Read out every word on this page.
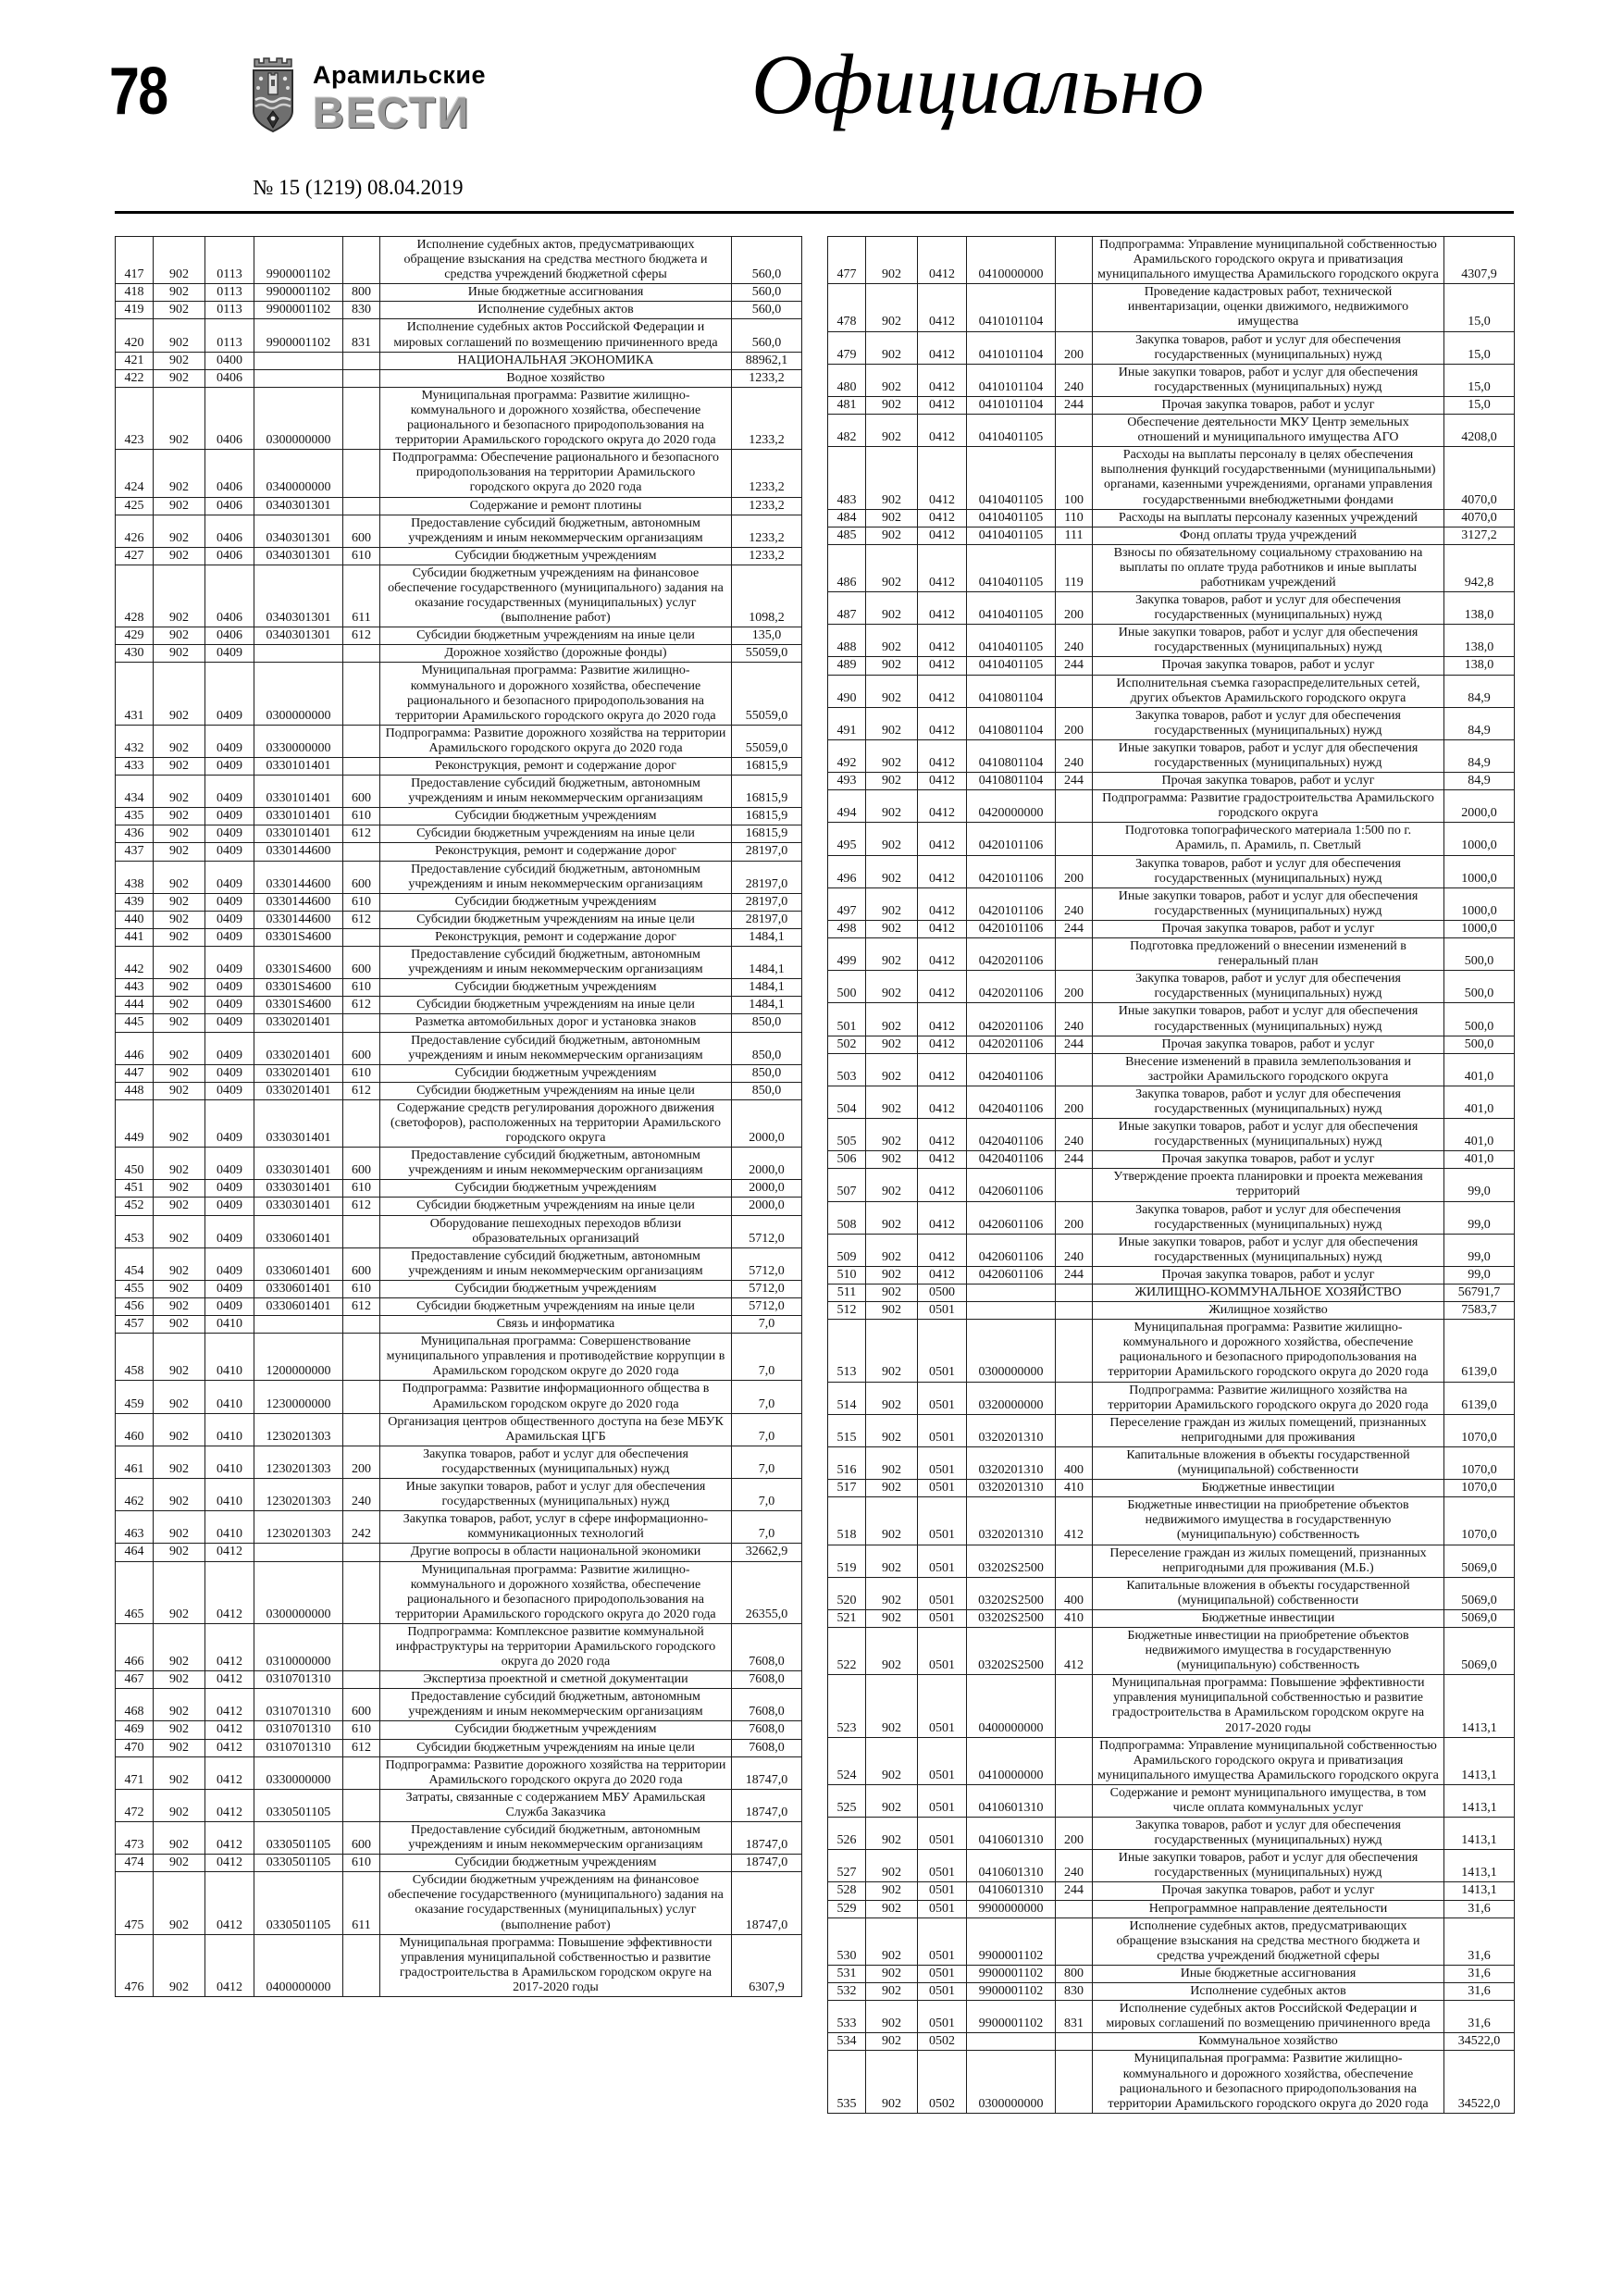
78	Арамильские
ВЕСТИ
№ 15 (1219) 08.04.2019
Официально
417	902	0113	9900001102		Исполнение судебных актов, предусматривающих обращение взыскания на средства местного бюджета и средства учреждений бюджетной сферы	560,0
418	902	0113	9900001102	800	Иные бюджетные ассигнования	560,0
419	902	0113	9900001102	830	Исполнение судебных актов	560,0
420	902	0113	9900001102	831	Исполнение судебных актов Российской Федерации и мировых соглашений по возмещению причиненного вреда	560,0
421	902	0400			НАЦИОНАЛЬНАЯ ЭКОНОМИКА	88962,1
422	902	0406			Водное хозяйство	1233,2
423	902	0406	0300000000		Муниципальная программа: Развитие жилищно-коммунального и дорожного хозяйства, обеспечение рационального и безопасного природопользования на территории Арамильского городского округа до 2020 года	1233,2
424	902	0406	0340000000		Подпрограмма: Обеспечение рационального и безопасного природопользования на территории Арамильского городского округа до 2020 года	1233,2
425	902	0406	0340301301		Содержание и ремонт плотины	1233,2
426	902	0406	0340301301	600	Предоставление субсидий бюджетным, автономным учреждениям и иным некоммерческим организациям	1233,2
427	902	0406	0340301301	610	Субсидии бюджетным учреждениям	1233,2
428	902	0406	0340301301	611	Субсидии бюджетным учреждениям на финансовое обеспечение государственного (муниципального) задания на оказание государственных (муниципальных) услуг (выполнение работ)	1098,2
429	902	0406	0340301301	612	Субсидии бюджетным учреждениям на иные цели	135,0
430	902	0409			Дорожное хозяйство (дорожные фонды)	55059,0
431	902	0409	0300000000		Муниципальная программа: Развитие жилищно-коммунального и дорожного хозяйства, обеспечение рационального и безопасного природопользования на территории Арамильского городского округа до 2020 года	55059,0
432	902	0409	0330000000		Подпрограмма: Развитие дорожного хозяйства на территории Арамильского городского округа до 2020 года	55059,0
433	902	0409	0330101401		Реконструкция, ремонт и содержание дорог	16815,9
434	902	0409	0330101401	600	Предоставление субсидий бюджетным, автономным учреждениям и иным некоммерческим организациям	16815,9
435	902	0409	0330101401	610	Субсидии бюджетным учреждениям	16815,9
436	902	0409	0330101401	612	Субсидии бюджетным учреждениям на иные цели	16815,9
437	902	0409	0330144600		Реконструкция, ремонт и содержание дорог	28197,0
438	902	0409	0330144600	600	Предоставление субсидий бюджетным, автономным учреждениям и иным некоммерческим организациям	28197,0
439	902	0409	0330144600	610	Субсидии бюджетным учреждениям	28197,0
440	902	0409	0330144600	612	Субсидии бюджетным учреждениям на иные цели	28197,0
441	902	0409	03301S4600		Реконструкция, ремонт и содержание дорог	1484,1
442	902	0409	03301S4600	600	Предоставление субсидий бюджетным, автономным учреждениям и иным некоммерческим организациям	1484,1
443	902	0409	03301S4600	610	Субсидии бюджетным учреждениям	1484,1
444	902	0409	03301S4600	612	Субсидии бюджетным учреждениям на иные цели	1484,1
445	902	0409	0330201401		Разметка автомобильных дорог и установка знаков	850,0
446	902	0409	0330201401	600	Предоставление субсидий бюджетным, автономным учреждениям и иным некоммерческим организациям	850,0
447	902	0409	0330201401	610	Субсидии бюджетным учреждениям	850,0
448	902	0409	0330201401	612	Субсидии бюджетным учреждениям на иные цели	850,0
449	902	0409	0330301401		Содержание средств регулирования дорожного движения (светофоров), расположенных на территории Арамильского городского округа	2000,0
450	902	0409	0330301401	600	Предоставление субсидий бюджетным, автономным учреждениям и иным некоммерческим организациям	2000,0
451	902	0409	0330301401	610	Субсидии бюджетным учреждениям	2000,0
452	902	0409	0330301401	612	Субсидии бюджетным учреждениям на иные цели	2000,0
453	902	0409	0330601401		Оборудование пешеходных переходов вблизи образовательных организаций	5712,0
454	902	0409	0330601401	600	Предоставление субсидий бюджетным, автономным учреждениям и иным некоммерческим организациям	5712,0
455	902	0409	0330601401	610	Субсидии бюджетным учреждениям	5712,0
456	902	0409	0330601401	612	Субсидии бюджетным учреждениям на иные цели	5712,0
457	902	0410			Связь и информатика	7,0
458	902	0410	1200000000		Муниципальная программа: Совершенствование муниципального управления и противодействие коррупции в Арамильском городском округе до 2020 года	7,0
459	902	0410	1230000000		Подпрограмма: Развитие информационного общества в Арамильском городском округе до 2020 года	7,0
460	902	0410	1230201303		Организация центров общественного доступа на безе МБУК Арамильская ЦГБ	7,0
461	902	0410	1230201303	200	Закупка товаров, работ и услуг для обеспечения государственных (муниципальных) нужд	7,0
462	902	0410	1230201303	240	Иные закупки товаров, работ и услуг для обеспечения государственных (муниципальных) нужд	7,0
463	902	0410	1230201303	242	Закупка товаров, работ, услуг в сфере информационно-коммуникационных технологий	7,0
464	902	0412			Другие вопросы в области национальной экономики	32662,9
465	902	0412	0300000000		Муниципальная программа: Развитие жилищно-коммунального и дорожного хозяйства, обеспечение рационального и безопасного природопользования на территории Арамильского городского округа до 2020 года	26355,0
466	902	0412	0310000000		Подпрограмма: Комплексное развитие коммунальной инфраструктуры на территории Арамильского городского округа до 2020 года	7608,0
467	902	0412	0310701310		Экспертиза проектной и сметной документации	7608,0
468	902	0412	0310701310	600	Предоставление субсидий бюджетным, автономным учреждениям и иным некоммерческим организациям	7608,0
469	902	0412	0310701310	610	Субсидии бюджетным учреждениям	7608,0
470	902	0412	0310701310	612	Субсидии бюджетным учреждениям на иные цели	7608,0
471	902	0412	0330000000		Подпрограмма: Развитие дорожного хозяйства на территории Арамильского городского округа до 2020 года	18747,0
472	902	0412	0330501105		Затраты, связанные с содержанием МБУ Арамильская Служба Заказчика	18747,0
473	902	0412	0330501105	600	Предоставление субсидий бюджетным, автономным учреждениям и иным некоммерческим организациям	18747,0
474	902	0412	0330501105	610	Субсидии бюджетным учреждениям	18747,0
475	902	0412	0330501105	611	Субсидии бюджетным учреждениям на финансовое обеспечение государственного (муниципального) задания на оказание государственных (муниципальных) услуг (выполнение работ)	18747,0
476	902	0412	0400000000		Муниципальная программа: Повышение эффективности управления муниципальной собственностью и развитие градостроительства в Арамильском городском округе на 2017-2020 годы	6307,9
477	902	0412	0410000000		Подпрограмма: Управление муниципальной собственностью Арамильского городского округа и приватизация муниципального имущества Арамильского городского округа	4307,9
478	902	0412	0410101104		Проведение кадастровых работ, технической инвентаризации, оценки движимого, недвижимого имущества	15,0
479	902	0412	0410101104	200	Закупка товаров, работ и услуг для обеспечения государственных (муниципальных) нужд	15,0
480	902	0412	0410101104	240	Иные закупки товаров, работ и услуг для обеспечения государственных (муниципальных) нужд	15,0
481	902	0412	0410101104	244	Прочая закупка товаров, работ и услуг	15,0
482	902	0412	0410401105		Обеспечение деятельности МКУ Центр земельных отношений и муниципального имущества АГО	4208,0
483	902	0412	0410401105	100	Расходы на выплаты персоналу в целях обеспечения выполнения функций государственными (муниципальными) органами, казенными учреждениями, органами управления государственными внебюджетными фондами	4070,0
484	902	0412	0410401105	110	Расходы на выплаты персоналу казенных учреждений	4070,0
485	902	0412	0410401105	111	Фонд оплаты труда учреждений	3127,2
486	902	0412	0410401105	119	Взносы по обязательному социальному страхованию на выплаты по оплате труда работников и иные выплаты работникам учреждений	942,8
487	902	0412	0410401105	200	Закупка товаров, работ и услуг для обеспечения государственных (муниципальных) нужд	138,0
488	902	0412	0410401105	240	Иные закупки товаров, работ и услуг для обеспечения государственных (муниципальных) нужд	138,0
489	902	0412	0410401105	244	Прочая закупка товаров, работ и услуг	138,0
490	902	0412	0410801104		Исполнительная съемка газораспределительных сетей, других объектов Арамильского городского округа	84,9
491	902	0412	0410801104	200	Закупка товаров, работ и услуг для обеспечения государственных (муниципальных) нужд	84,9
492	902	0412	0410801104	240	Иные закупки товаров, работ и услуг для обеспечения государственных (муниципальных) нужд	84,9
493	902	0412	0410801104	244	Прочая закупка товаров, работ и услуг	84,9
494	902	0412	0420000000		Подпрограмма: Развитие градостроительства Арамильского городского округа	2000,0
495	902	0412	0420101106		Подготовка топографического материала 1:500 по г. Арамиль, п. Арамиль, п. Светлый	1000,0
496	902	0412	0420101106	200	Закупка товаров, работ и услуг для обеспечения государственных (муниципальных) нужд	1000,0
497	902	0412	0420101106	240	Иные закупки товаров, работ и услуг для обеспечения государственных (муниципальных) нужд	1000,0
498	902	0412	0420101106	244	Прочая закупка товаров, работ и услуг	1000,0
499	902	0412	0420201106		Подготовка предложений о внесении изменений в генеральный план	500,0
500	902	0412	0420201106	200	Закупка товаров, работ и услуг для обеспечения государственных (муниципальных) нужд	500,0
501	902	0412	0420201106	240	Иные закупки товаров, работ и услуг для обеспечения государственных (муниципальных) нужд	500,0
502	902	0412	0420201106	244	Прочая закупка товаров, работ и услуг	500,0
503	902	0412	0420401106		Внесение изменений в правила землепользования и застройки Арамильского городского округа	401,0
504	902	0412	0420401106	200	Закупка товаров, работ и услуг для обеспечения государственных (муниципальных) нужд	401,0
505	902	0412	0420401106	240	Иные закупки товаров, работ и услуг для обеспечения государственных (муниципальных) нужд	401,0
506	902	0412	0420401106	244	Прочая закупка товаров, работ и услуг	401,0
507	902	0412	0420601106		Утверждение проекта планировки и проекта межевания территорий	99,0
508	902	0412	0420601106	200	Закупка товаров, работ и услуг для обеспечения государственных (муниципальных) нужд	99,0
509	902	0412	0420601106	240	Иные закупки товаров, работ и услуг для обеспечения государственных (муниципальных) нужд	99,0
510	902	0412	0420601106	244	Прочая закупка товаров, работ и услуг	99,0
511	902	0500			ЖИЛИЩНО-КОММУНАЛЬНОЕ ХОЗЯЙСТВО	56791,7
512	902	0501			Жилищное хозяйство	7583,7
513	902	0501	0300000000		Муниципальная программа: Развитие жилищно-коммунального и дорожного хозяйства, обеспечение рационального и безопасного природопользования на территории Арамильского городского округа до 2020 года	6139,0
514	902	0501	0320000000		Подпрограмма: Развитие жилищного хозяйства на территории Арамильского городского округа до 2020 года	6139,0
515	902	0501	0320201310		Переселение граждан из жилых помещений, признанных непригодными для проживания	1070,0
516	902	0501	0320201310	400	Капитальные вложения в объекты государственной (муниципальной) собственности	1070,0
517	902	0501	0320201310	410	Бюджетные инвестиции	1070,0
518	902	0501	0320201310	412	Бюджетные инвестиции на приобретение объектов недвижимого имущества в государственную (муниципальную) собственность	1070,0
519	902	0501	03202S2500		Переселение граждан из жилых помещений, признанных непригодными для проживания (М.Б.)	5069,0
520	902	0501	03202S2500	400	Капитальные вложения в объекты государственной (муниципальной) собственности	5069,0
521	902	0501	03202S2500	410	Бюджетные инвестиции	5069,0
522	902	0501	03202S2500	412	Бюджетные инвестиции на приобретение объектов недвижимого имущества в государственную (муниципальную) собственность	5069,0
523	902	0501	0400000000		Муниципальная программа: Повышение эффективности управления муниципальной собственностью и развитие градостроительства в Арамильском городском округе на 2017-2020 годы	1413,1
524	902	0501	0410000000		Подпрограмма: Управление муниципальной собственностью Арамильского городского округа и приватизация муниципального имущества Арамильского городского округа	1413,1
525	902	0501	0410601310		Содержание и ремонт муниципального имущества, в том числе оплата коммунальных услуг	1413,1
526	902	0501	0410601310	200	Закупка товаров, работ и услуг для обеспечения государственных (муниципальных) нужд	1413,1
527	902	0501	0410601310	240	Иные закупки товаров, работ и услуг для обеспечения государственных (муниципальных) нужд	1413,1
528	902	0501	0410601310	244	Прочая закупка товаров, работ и услуг	1413,1
529	902	0501	9900000000		Непрограммное направление деятельности	31,6
530	902	0501	9900001102		Исполнение судебных актов, предусматривающих обращение взыскания на средства местного бюджета и средства учреждений бюджетной сферы	31,6
531	902	0501	9900001102	800	Иные бюджетные ассигнования	31,6
532	902	0501	9900001102	830	Исполнение судебных актов	31,6
533	902	0501	9900001102	831	Исполнение судебных актов Российской Федерации и мировых соглашений по возмещению причиненного вреда	31,6
534	902	0502			Коммунальное хозяйство	34522,0
535	902	0502	0300000000		Муниципальная программа: Развитие жилищно-коммунального и дорожного хозяйства, обеспечение рационального и безопасного природопользования на территории Арамильского городского округа до 2020 года	34522,0
